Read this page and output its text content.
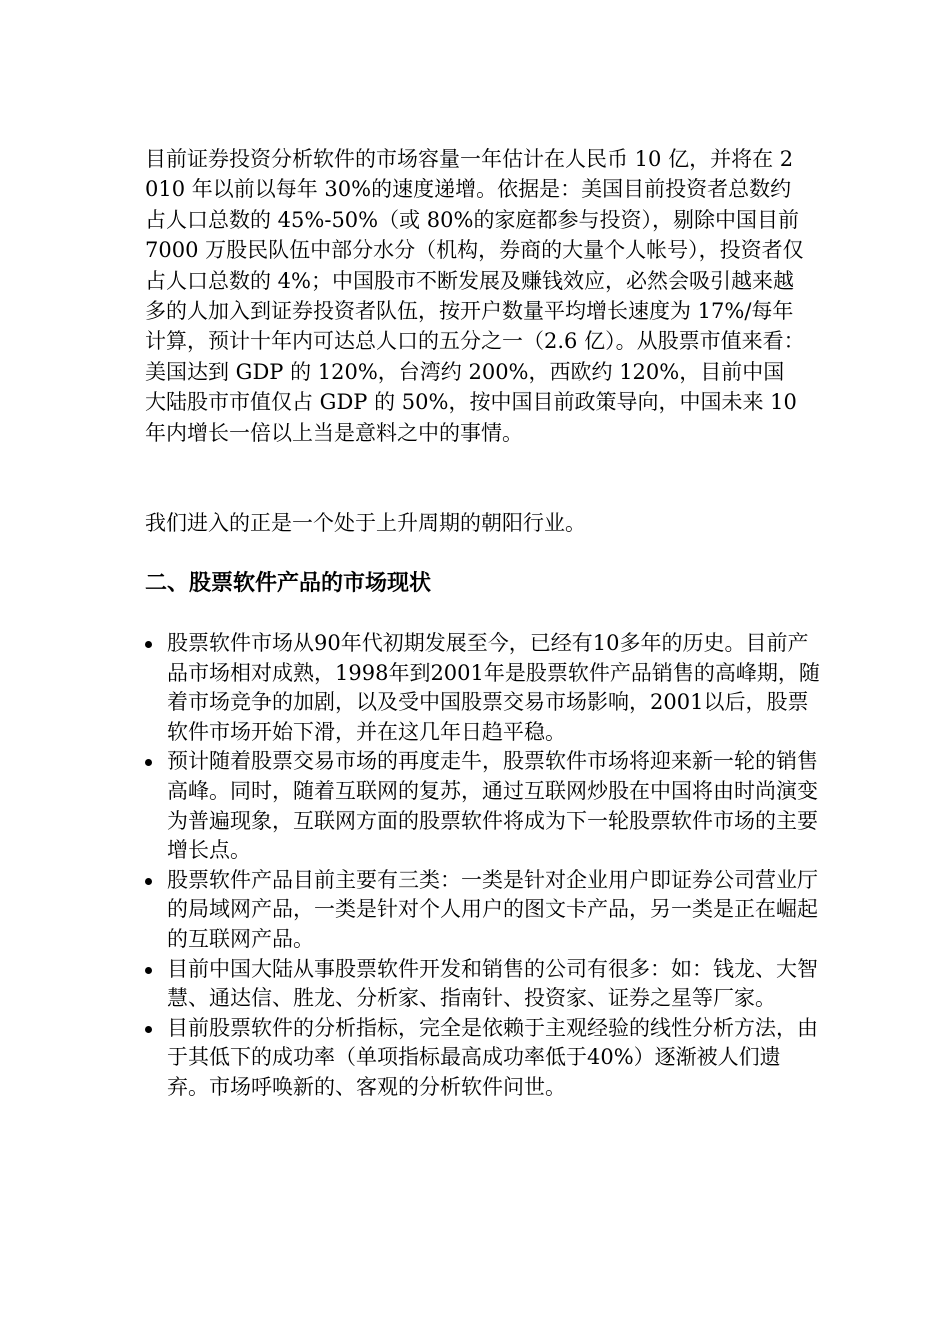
目前证券投资分析软件的市场容量一年估计在人民币 10 亿，并将在 2010 年以前以每年 30%的速度递增。依据是：美国目前投资者总数约占人口总数的 45%-50%（或 80%的家庭都参与投资），剔除中国目前 7000 万股民队伍中部分水分（机构，券商的大量个人帐号），投资者仅占人口总数的 4%；中国股市不断发展及赚钱效应，必然会吸引越来越多的人加入到证券投资者队伍，按开户数量平均增长速度为 17%/每年计算，预计十年内可达总人口的五分之一（2.6 亿）。从股票市值来看：美国达到 GDP 的 120%，台湾约 200%，西欧约 120%，目前中国大陆股市市值仅占 GDP 的 50%，按中国目前政策导向，中国未来 10 年内增长一倍以上当是意料之中的事情。

我们进入的正是一个处于上升周期的朝阳行业。

二、股票软件产品的市场现状
股票软件市场从90年代初期发展至今，已经有10多年的历史。目前产品市场相对成熟，1998年到2001年是股票软件产品销售的高峰期，随着市场竞争的加剧，以及受中国股票交易市场影响，2001以后，股票软件市场开始下滑，并在这几年日趋平稳。
预计随着股票交易市场的再度走牛，股票软件市场将迎来新一轮的销售高峰。同时，随着互联网的复苏，通过互联网炒股在中国将由时尚演变为普遍现象，互联网方面的股票软件将成为下一轮股票软件市场的主要增长点。
股票软件产品目前主要有三类：一类是针对企业用户即证券公司营业厅的局域网产品，一类是针对个人用户的图文卡产品，另一类是正在崛起的互联网产品。
目前中国大陆从事股票软件开发和销售的公司有很多：如：钱龙、大智慧、通达信、胜龙、分析家、指南针、投资家、证券之星等厂家。
目前股票软件的分析指标，完全是依赖于主观经验的线性分析方法，由于其低下的成功率（单项指标最高成功率低于40%）逐渐被人们遗弃。市场呼唤新的、客观的分析软件问世。
